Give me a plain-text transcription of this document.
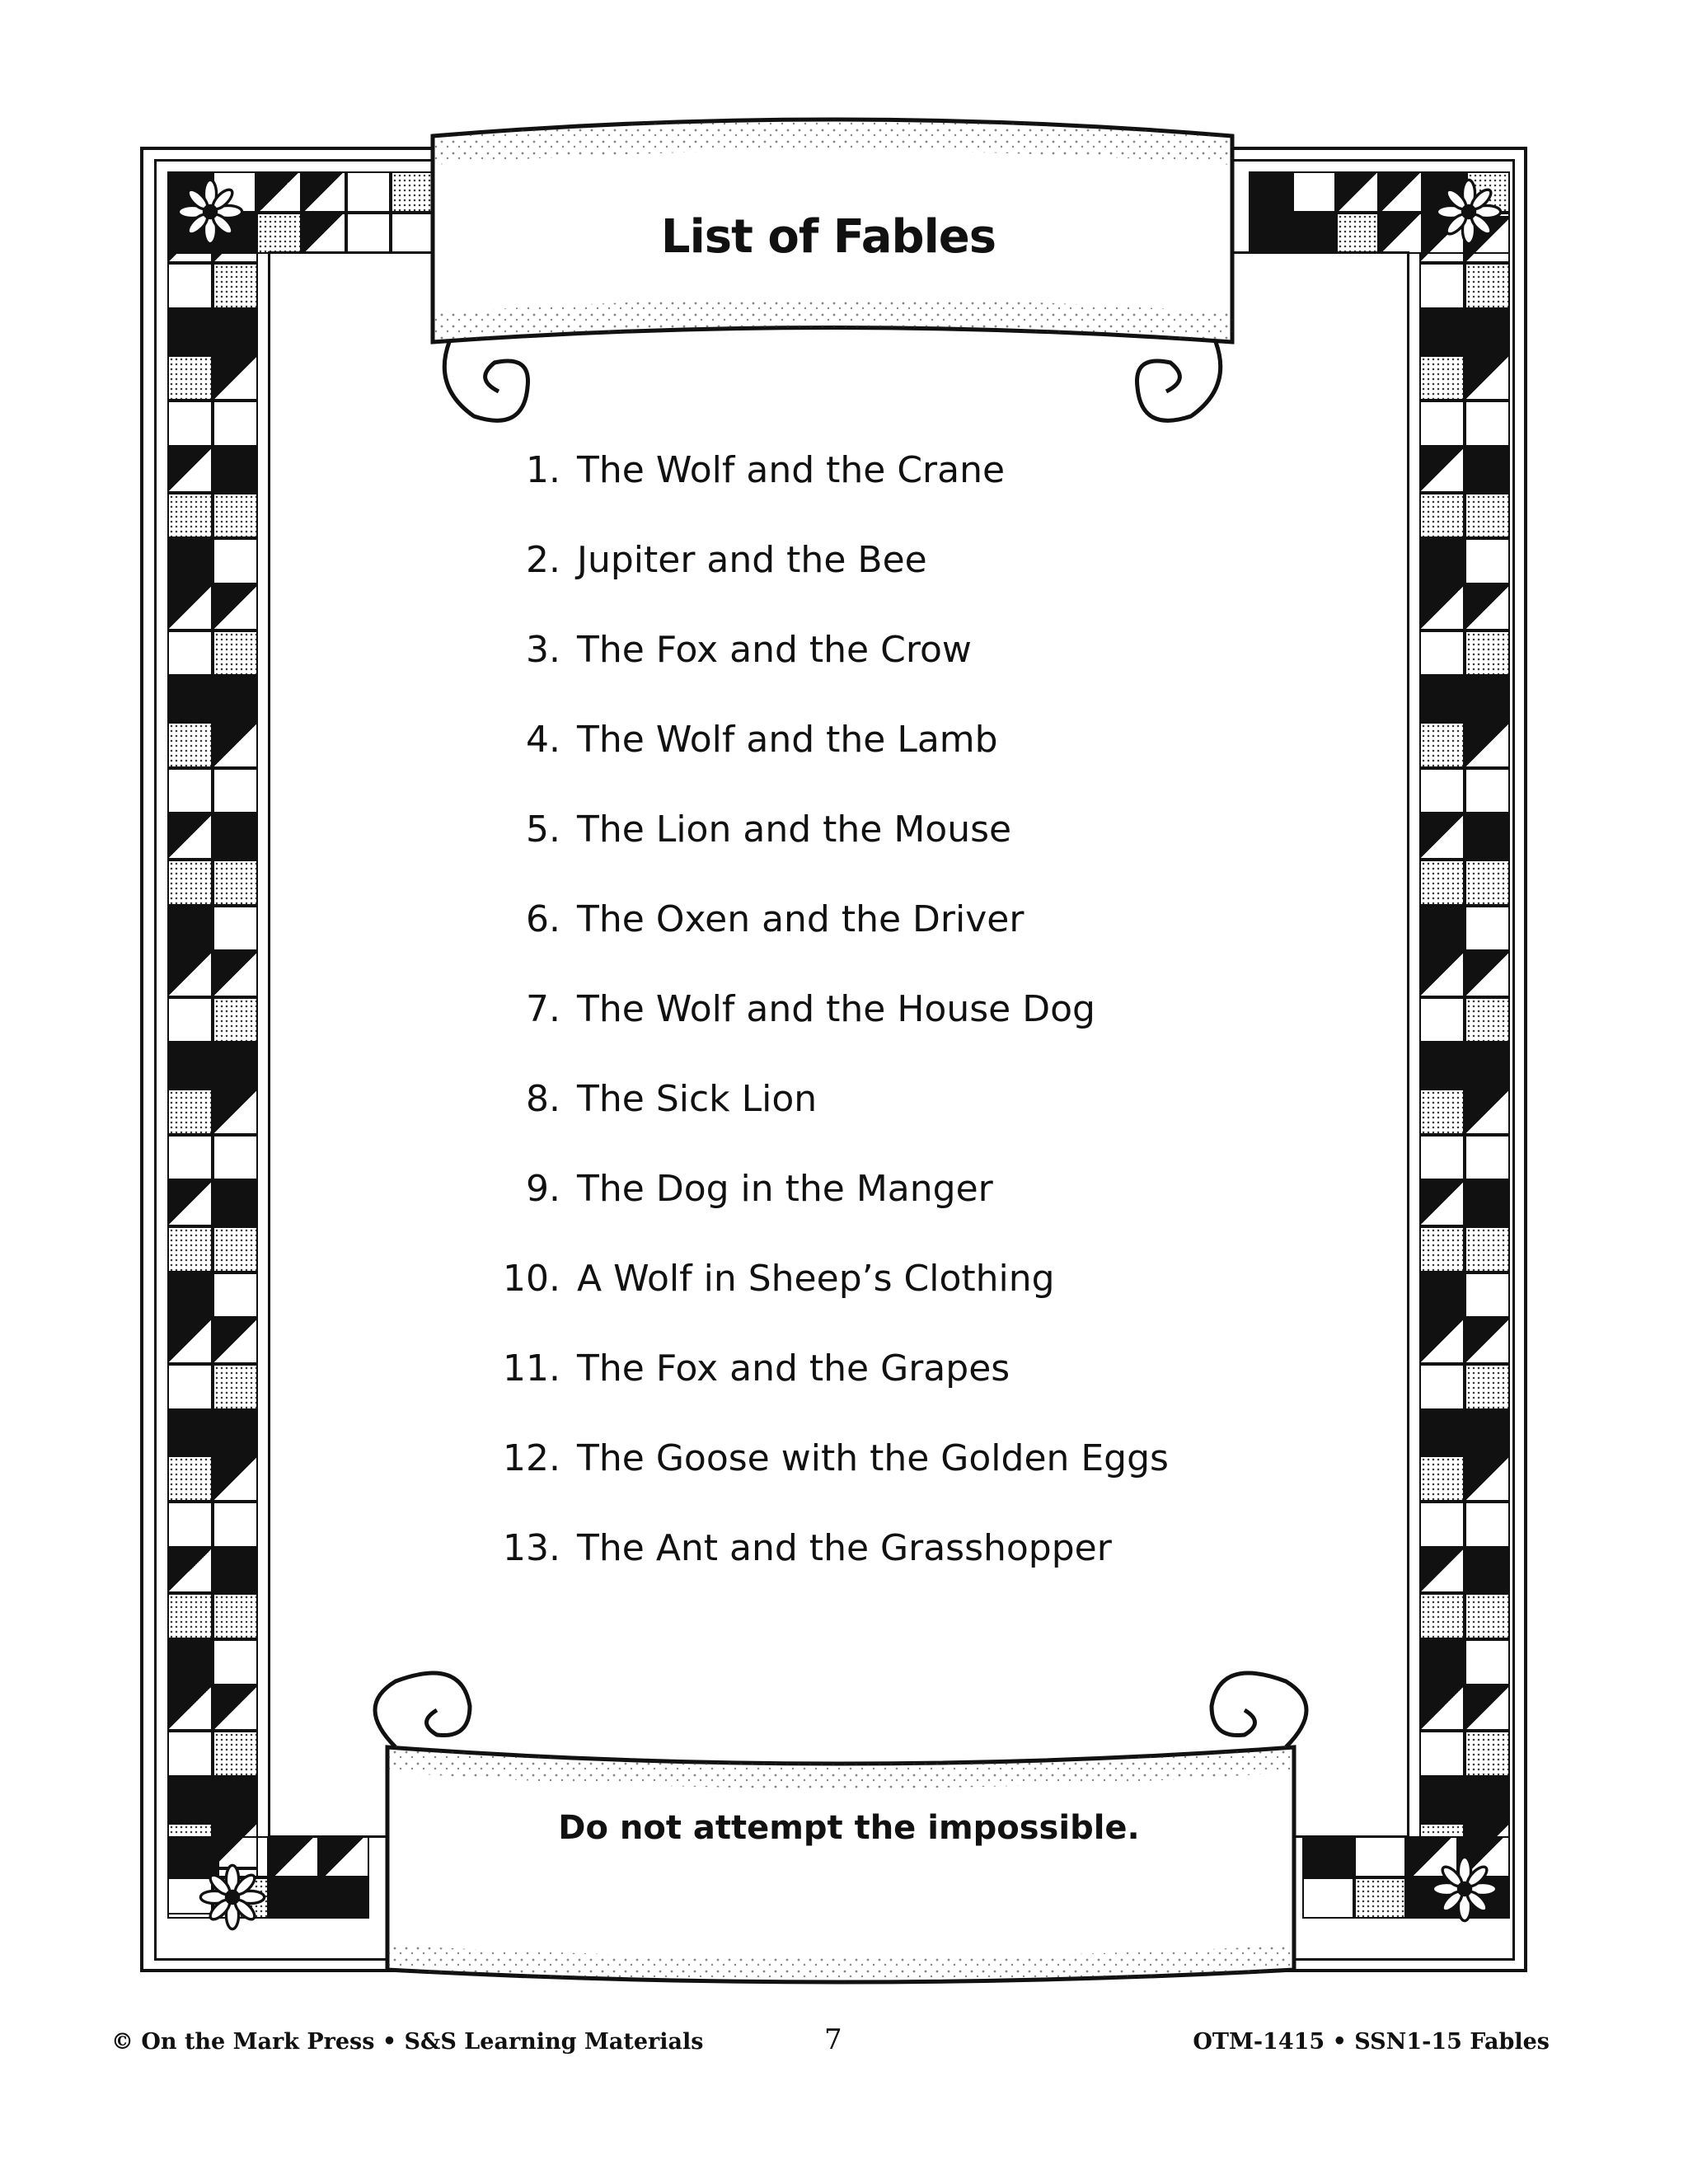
List of Fables
1. The Wolf and the Crane
2. Jupiter and the Bee
3. The Fox and the Crow
4. The Wolf and the Lamb
5. The Lion and the Mouse
6. The Oxen and the Driver
7. The Wolf and the House Dog
8. The Sick Lion
9. The Dog in the Manger
10. A Wolf in Sheep’s Clothing
11. The Fox and the Grapes
12. The Goose with the Golden Eggs
13. The Ant and the Grasshopper
Do not attempt the impossible.
© On the Mark Press • S&S Learning Materials	7	OTM-1415 • SSN1-15 Fables
